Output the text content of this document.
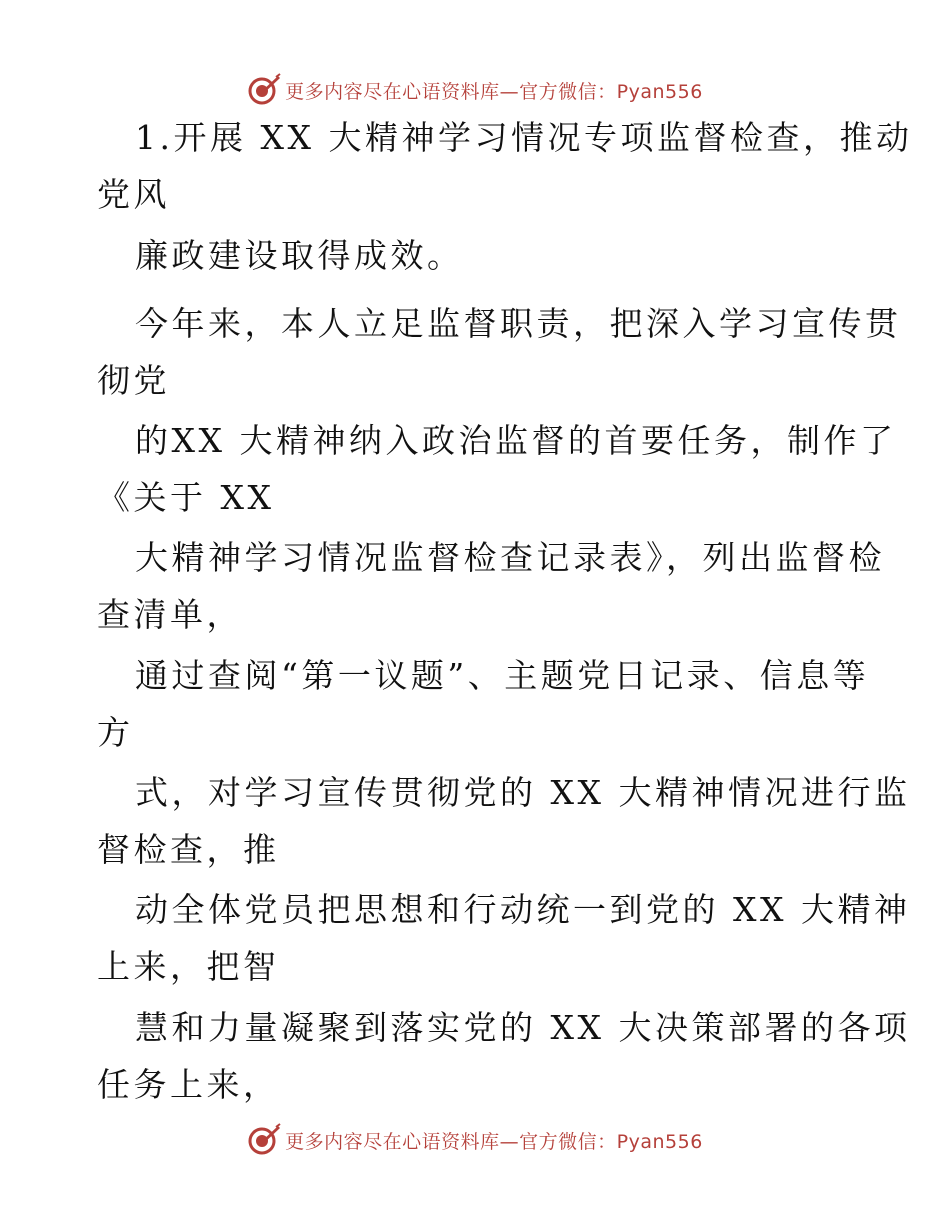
更多内容尽在心语资料库—官方微信：Pyan556
1.开展 XX 大精神学习情况专项监督检查，推动
党风
廉政建设取得成效。
今年来，本人立足监督职责，把深入学习宣传贯
彻党
的XX 大精神纳入政治监督的首要任务，制作了
《关于 XX
大精神学习情况监督检查记录表》，列出监督检
查清单，
通过查阅“第一议题”、主题党日记录、信息等
方
式，对学习宣传贯彻党的 XX 大精神情况进行监
督检查，推
动全体党员把思想和行动统一到党的 XX 大精神
上来，把智
慧和力量凝聚到落实党的 XX 大决策部署的各项
任务上来，
更多内容尽在心语资料库—官方微信：Pyan556
